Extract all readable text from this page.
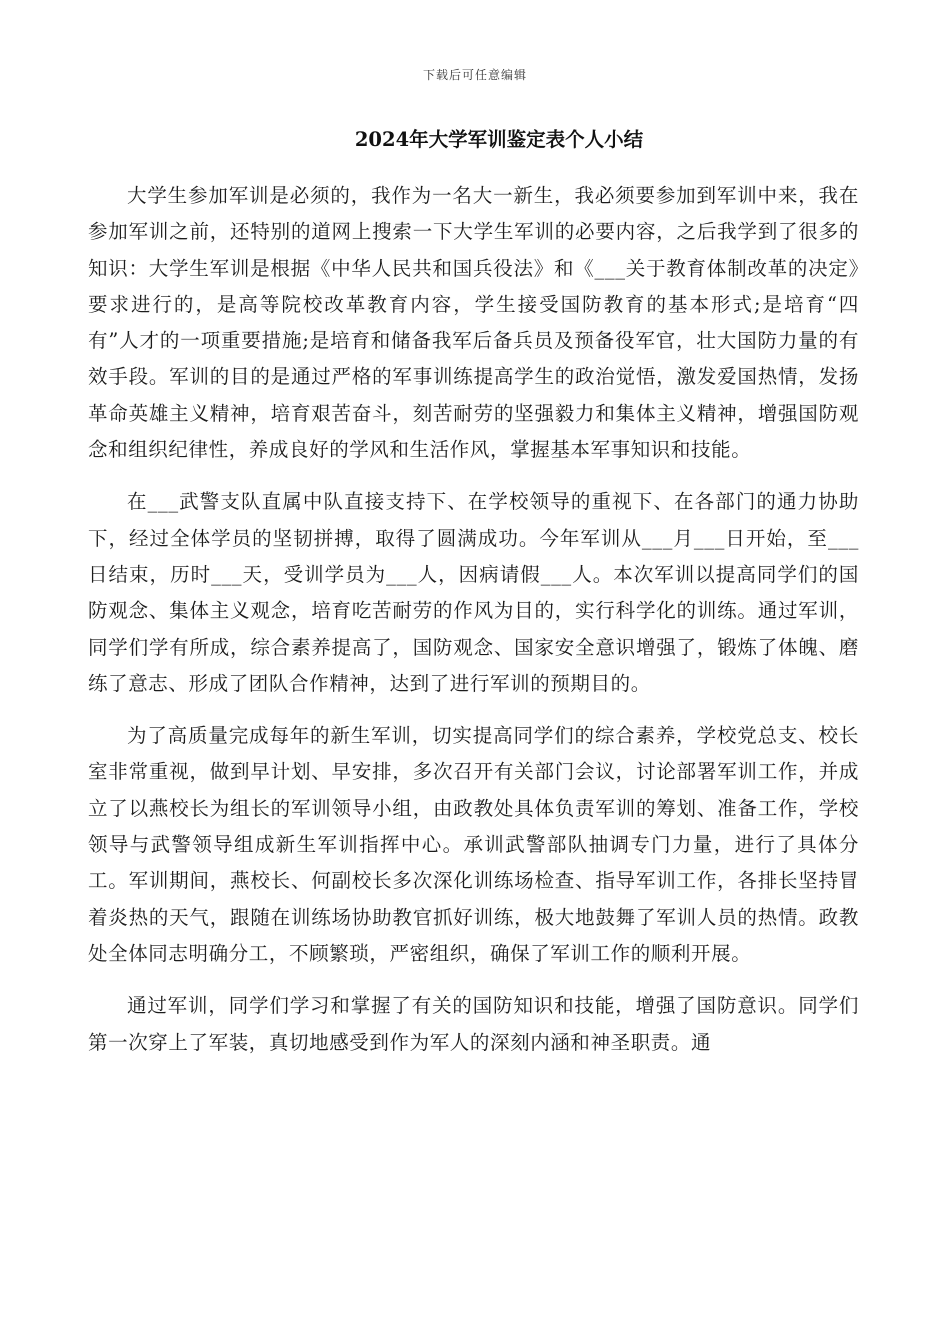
下载后可任意编辑
2024年大学军训鉴定表个人小结

大学生参加军训是必须的，我作为一名大一新生，我必须要参加到军训中来，我在参加军训之前，还特别的道网上搜索一下大学生军训的必要内容，之后我学到了很多的知识：大学生军训是根据《中华人民共和国兵役法》和《___关于教育体制改革的决定》要求进行的，是高等院校改革教育内容，学生接受国防教育的基本形式;是培育“四有”人才的一项重要措施;是培育和储备我军后备兵员及预备役军官，壮大国防力量的有效手段。军训的目的是通过严格的军事训练提高学生的政治觉悟，激发爱国热情，发扬革命英雄主义精神，培育艰苦奋斗，刻苦耐劳的坚强毅力和集体主义精神，增强国防观念和组织纪律性，养成良好的学风和生活作风，掌握基本军事知识和技能。

在___武警支队直属中队直接支持下、在学校领导的重视下、在各部门的通力协助下，经过全体学员的坚韧拼搏，取得了圆满成功。今年军训从___月___日开始，至___日结束，历时___天，受训学员为___人，因病请假___人。本次军训以提高同学们的国防观念、集体主义观念，培育吃苦耐劳的作风为目的，实行科学化的训练。通过军训，同学们学有所成，综合素养提高了，国防观念、国家安全意识增强了，锻炼了体魄、磨练了意志、形成了团队合作精神，达到了进行军训的预期目的。

为了高质量完成每年的新生军训，切实提高同学们的综合素养，学校党总支、校长室非常重视，做到早计划、早安排，多次召开有关部门会议，讨论部署军训工作，并成立了以燕校长为组长的军训领导小组，由政教处具体负责军训的筹划、准备工作，学校领导与武警领导组成新生军训指挥中心。承训武警部队抽调专门力量，进行了具体分工。军训期间，燕校长、何副校长多次深化训练场检查、指导军训工作，各排长坚持冒着炎热的天气，跟随在训练场协助教官抓好训练，极大地鼓舞了军训人员的热情。政教处全体同志明确分工，不顾繁琐，严密组织，确保了军训工作的顺利开展。

通过军训，同学们学习和掌握了有关的国防知识和技能，增强了国防意识。同学们第一次穿上了军装，真切地感受到作为军人的深刻内涵和神圣职责。通
